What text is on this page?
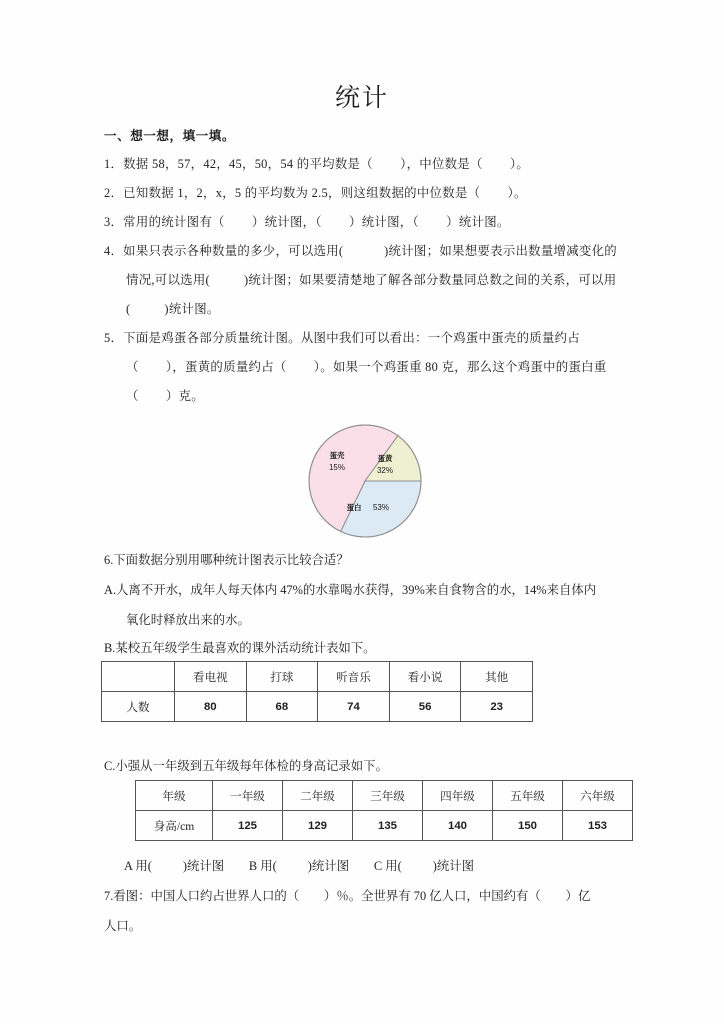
统计
一、想一想，填一填。
1．数据 58，57，42，45，50，54 的平均数是（        ），中位数是（        ）。
2．已知数据 1，2，x，5 的平均数为 2.5，则这组数据的中位数是（        ）。
3．常用的统计图有（        ）统计图，（        ）统计图，（        ）统计图。
4．如果只表示各种数量的多少，可以选用(            )统计图；如果想要表示出数量增减变化的
情况,可以选用(          )统计图；如果要清楚地了解各部分数量同总数之间的关系，可以用
(          )统计图。
5．下面是鸡蛋各部分质量统计图。从图中我们可以看出：一个鸡蛋中蛋壳的质量约占
（        ），蛋黄的质量约占（        ）。如果一个鸡蛋重 80 克，那么这个鸡蛋中的蛋白重
（        ）克。
蛋黄
32%
蛋壳
15%
蛋白 53%
6.下面数据分别用哪种统计图表示比较合适？
A.人离不开水，成年人每天体内 47%的水靠喝水获得，39%来自食物含的水，14%来自体内
氧化时释放出来的水。
B.某校五年级学生最喜欢的课外活动统计表如下。
	看电视	打球	听音乐	看小说	其他
人数	80	68	74	56	23
C.小强从一年级到五年级每年体检的身高记录如下。
年级	一年级	二年级	三年级	四年级	五年级	六年级
身高/cm	125	129	135	140	150	153
A 用(          )统计图        B 用(          )统计图        C 用(          )统计图
7.看图：中国人口约占世界人口的（        ）％。全世界有 70 亿人口，中国约有（        ）亿
人口。
